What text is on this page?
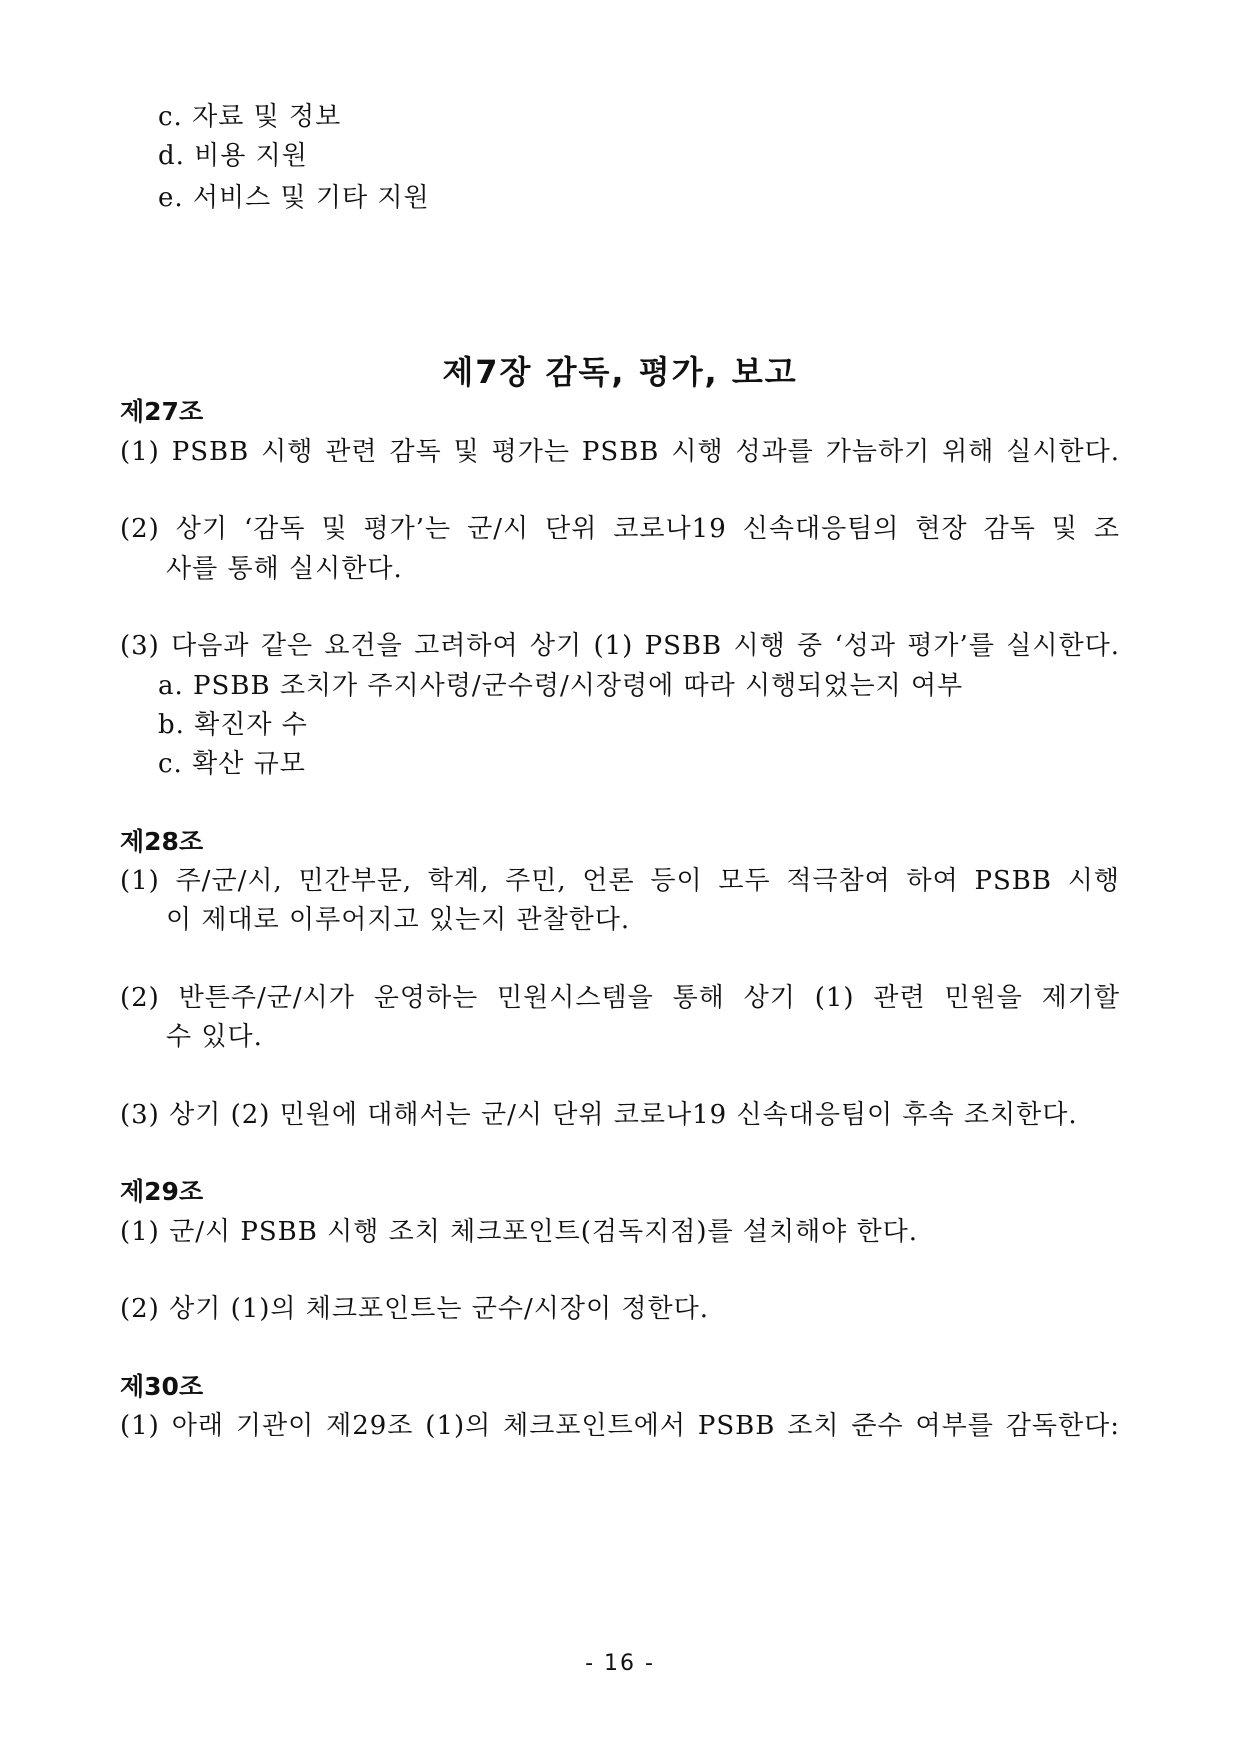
c. 자료 및 정보
d. 비용 지원
e. 서비스 및 기타 지원
제7장 감독, 평가, 보고
제27조
(1) PSBB 시행 관련 감독 및 평가는 PSBB 시행 성과를 가늠하기 위해 실시한다.
(2) 상기 ‘감독 및 평가’는 군/시 단위 코로나19 신속대응팀의 현장 감독 및 조
사를 통해 실시한다.
(3) 다음과 같은 요건을 고려하여 상기 (1) PSBB 시행 중 ‘성과 평가’를 실시한다.
a. PSBB 조치가 주지사령/군수령/시장령에 따라 시행되었는지 여부
b. 확진자 수
c. 확산 규모
제28조
(1) 주/군/시, 민간부문, 학계, 주민, 언론 등이 모두 적극참여 하여 PSBB 시행
이 제대로 이루어지고 있는지 관찰한다.
(2) 반튼주/군/시가 운영하는 민원시스템을 통해 상기 (1) 관련 민원을 제기할
수 있다.
(3) 상기 (2) 민원에 대해서는 군/시 단위 코로나19 신속대응팀이 후속 조치한다.
제29조
(1) 군/시 PSBB 시행 조치 체크포인트(검독지점)를 설치해야 한다.
(2) 상기 (1)의 체크포인트는 군수/시장이 정한다.
제30조
(1) 아래 기관이 제29조 (1)의 체크포인트에서 PSBB 조치 준수 여부를 감독한다:
- 16 -
